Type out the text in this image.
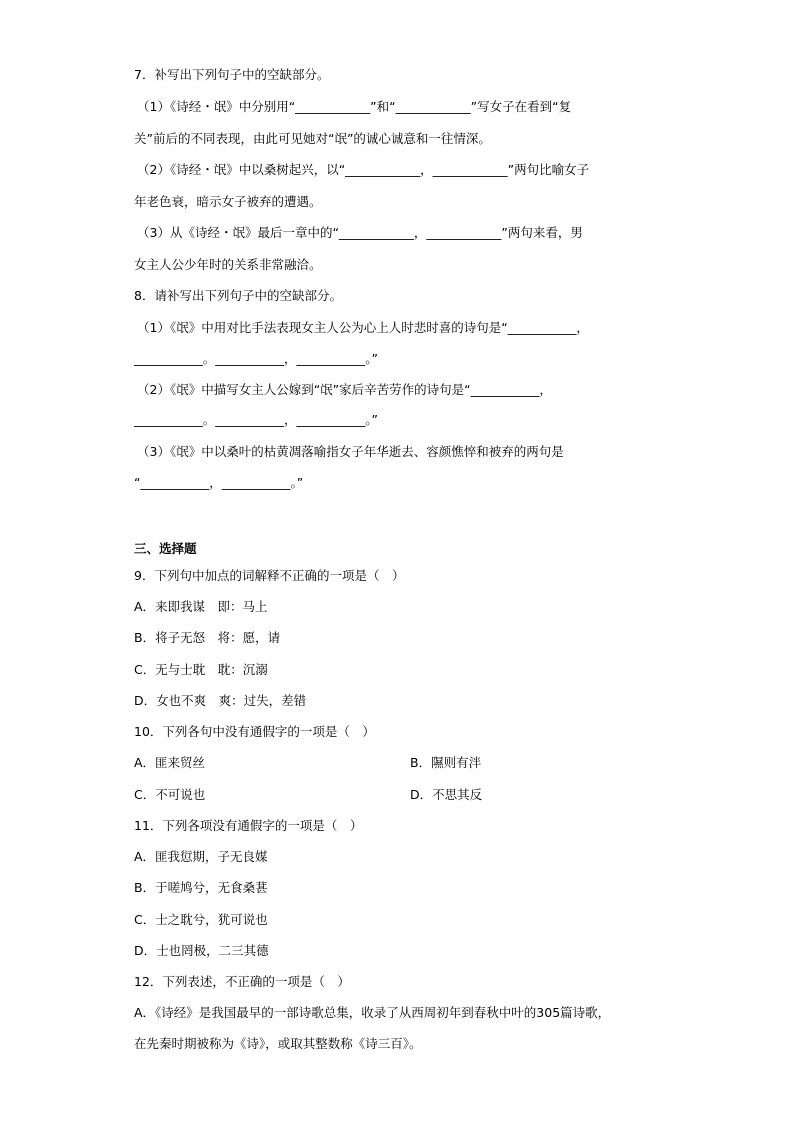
7．补写出下列句子中的空缺部分。
（1）《诗经・氓》中分别用“____________”和“____________”写女子在看到“复
关”前后的不同表现，由此可见她对“氓”的诚心诚意和一往情深。
（2）《诗经・氓》中以桑树起兴，以“____________，____________”两句比喻女子
年老色衰，暗示女子被弃的遭遇。
（3）从《诗经・氓》最后一章中的“____________，____________”两句来看，男
女主人公少年时的关系非常融洽。
8．请补写出下列句子中的空缺部分。
（1）《氓》中用对比手法表现女主人公为心上人时悲时喜的诗句是“___________，
___________。___________，___________。”
（2）《氓》中描写女主人公嫁到“氓”家后辛苦劳作的诗句是“___________，
___________。___________，___________。”
（3）《氓》中以桑叶的枯黄凋落喻指女子年华逝去、容颜憔悴和被弃的两句是
“___________，___________。”
三、选择题
9．下列句中加点的词解释不正确的一项是（　）
A．来即我谋　即：马上
B．将子无怒　将：愿，请
C．无与士耽　耽：沉溺
D．女也不爽　爽：过失，差错
10．下列各句中没有通假字的一项是（　）
A．匪来贸丝	B．隰则有泮
C．不可说也	D．不思其反
11．下列各项没有通假字的一项是（　）
A．匪我愆期，子无良媒
B．于嗟鸠兮，无食桑葚
C．士之耽兮，犹可说也
D．士也罔极，二三其德
12．下列表述，不正确的一项是（　）
A．《诗经》是我国最早的一部诗歌总集，收录了从西周初年到春秋中叶的305篇诗歌，
在先秦时期被称为《诗》，或取其整数称《诗三百》。
